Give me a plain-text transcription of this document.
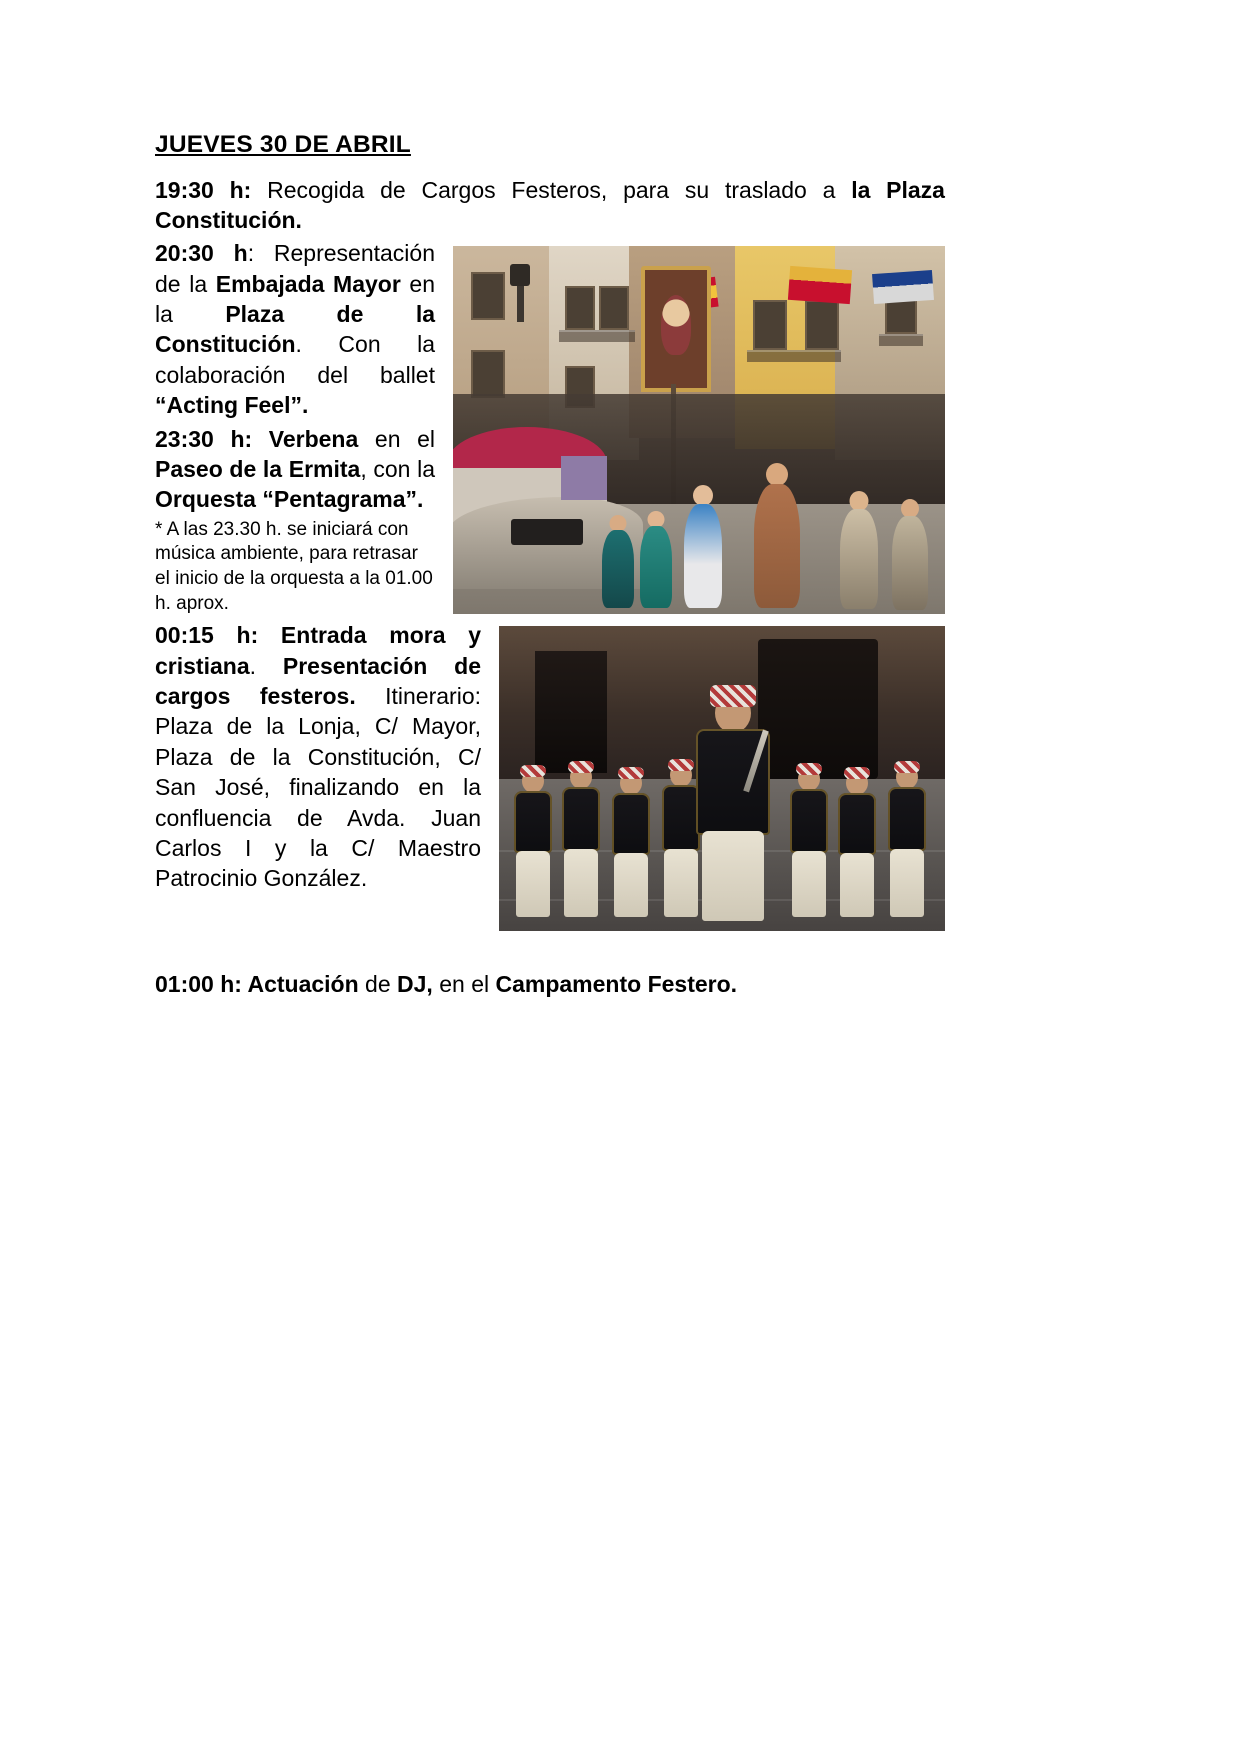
JUEVES 30 DE ABRIL

19:30 h: Recogida de Cargos Festeros, para su traslado a la Plaza Constitución.

20:30 h: Representación de la Embajada Mayor en la Plaza de la Constitución. Con la colaboración del ballet “Acting Feel”.

23:30 h: Verbena en el Paseo de la Ermita, con la Orquesta “Pentagrama”.

* A las 23.30 h. se iniciará con música ambiente, para retrasar el inicio de la orquesta a la 01.00 h. aprox.

00:15 h: Entrada mora y cristiana. Presentación de cargos festeros. Itinerario: Plaza de la Lonja, C/ Mayor, Plaza de la Constitución, C/ San José, finalizando en la confluencia de Avda. Juan Carlos I y la C/ Maestro Patrocinio González.

01:00 h: Actuación de DJ, en el Campamento Festero.
